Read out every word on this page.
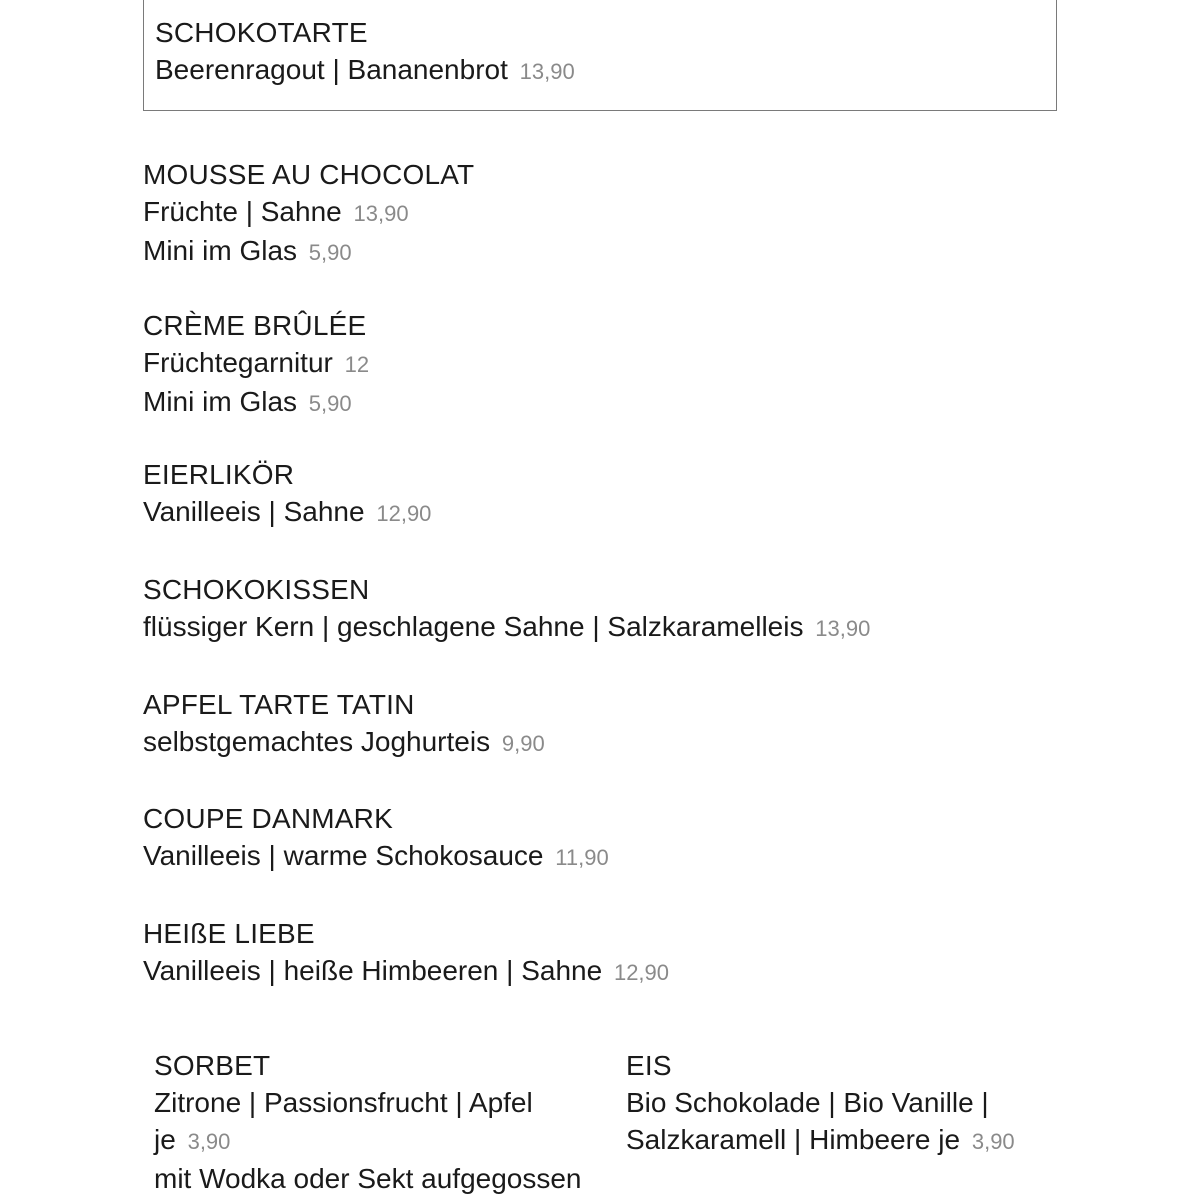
SCHOKOTARTE
Beerenragout | Bananenbrot 13,90
MOUSSE AU CHOCOLAT
Früchte | Sahne 13,90
Mini im Glas 5,90
CRÈME BRÛLÉE
Früchtegarnitur 12
Mini im Glas 5,90
EIERLIKÖR
Vanilleeis | Sahne 12,90
SCHOKOKISSEN
flüssiger Kern | geschlagene Sahne | Salzkaramelleis 13,90
APFEL TARTE TATIN
selbstgemachtes Joghurteis 9,90
COUPE DANMARK
Vanilleeis | warme Schokosauce 11,90
HEIßE LIEBE
Vanilleeis | heiße Himbeeren | Sahne 12,90
SORBET
Zitrone | Passionsfrucht | Apfel
je 3,90
mit Wodka oder Sekt aufgegossen
EIS
Bio Schokolade | Bio Vanille |
Salzkaramell | Himbeere je 3,90
